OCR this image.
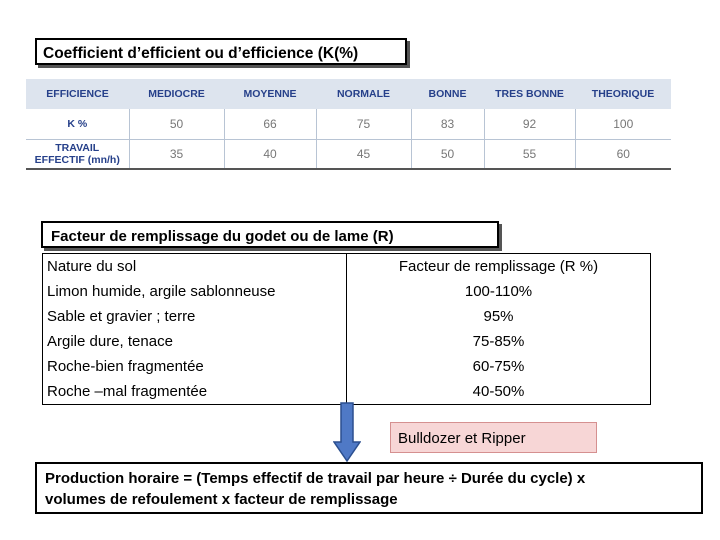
Coefficient d’efficient ou d’efficience (K(%)
EFFICIENCE	MEDIOCRE	MOYENNE	NORMALE	BONNE	TRES BONNE	THEORIQUE
K %	50	66	75	83	92	100
TRAVAIL
EFFECTIF (mn/h)	35	40	45	50	55	60
Facteur de remplissage du godet ou de lame (R)
Nature du sol	Facteur de remplissage (R %)
Limon humide, argile sablonneuse	100-110%
Sable et gravier ; terre	95%
Argile dure, tenace	75-85%
Roche-bien fragmentée	60-75%
Roche –mal fragmentée	40-50%
Bulldozer et Ripper
Production horaire = (Temps effectif de travail par heure ÷ Durée du cycle) x
volumes de refoulement x facteur de remplissage
